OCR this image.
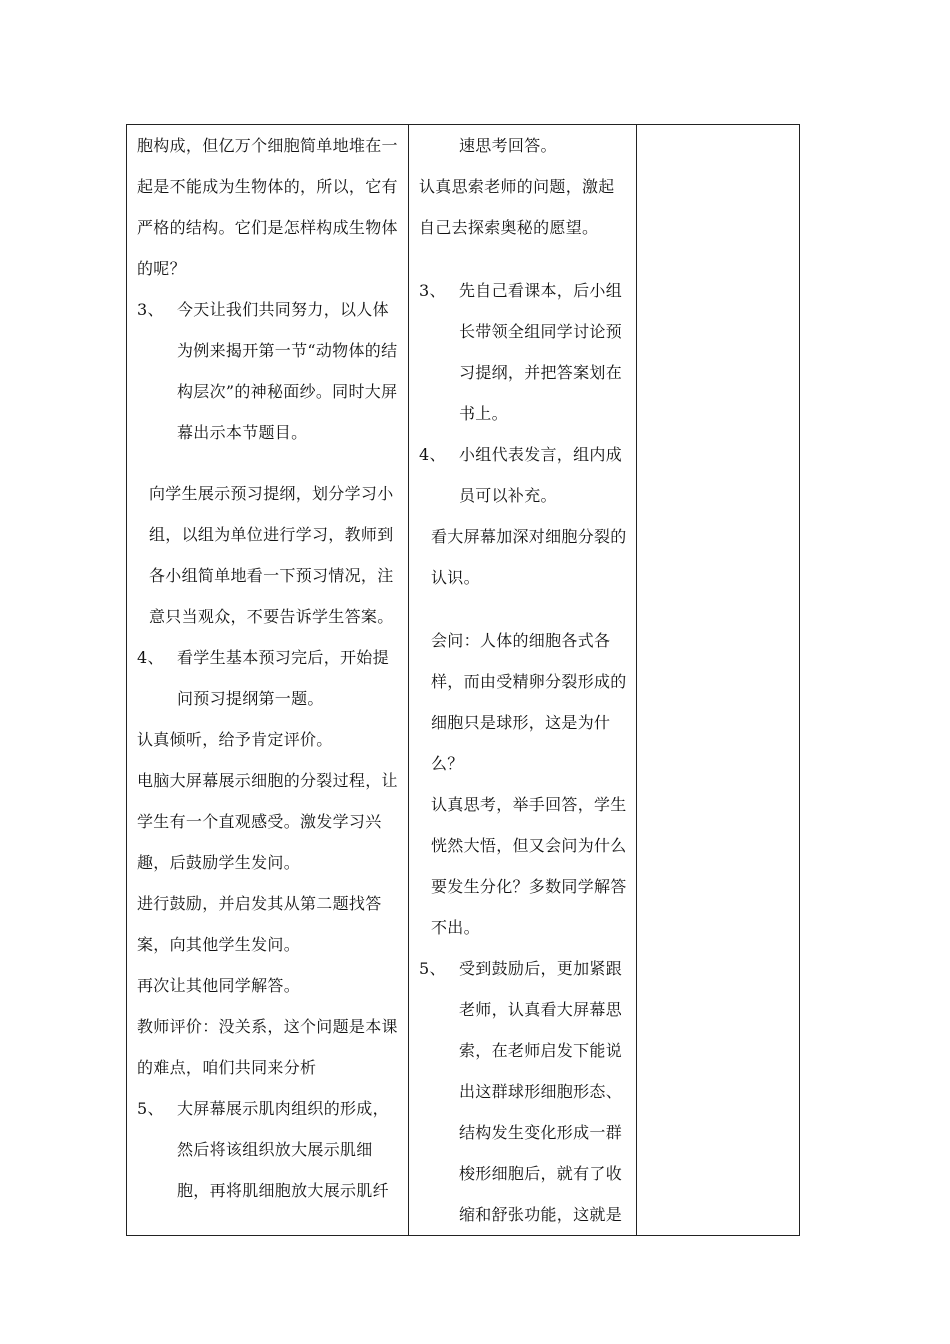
胞构成，但亿万个细胞简单地堆在一起是不能成为生物体的，所以，它有严格的结构。它们是怎样构成生物体的呢？

3、 今天让我们共同努力，以人体为例来揭开第一节“动物体的结构层次”的神秘面纱。同时大屏幕出示本节题目。

向学生展示预习提纲，划分学习小组，以组为单位进行学习，教师到各小组简单地看一下预习情况，注意只当观众，不要告诉学生答案。

4、 看学生基本预习完后，开始提问预习提纲第一题。

认真倾听，给予肯定评价。

电脑大屏幕展示细胞的分裂过程，让学生有一个直观感受。激发学习兴趣，后鼓励学生发问。

进行鼓励，并启发其从第二题找答案，向其他学生发问。

再次让其他同学解答。

教师评价：没关系，这个问题是本课的难点，咱们共同来分析

5、 大屏幕展示肌肉组织的形成，然后将该组织放大展示肌细胞，再将肌细胞放大展示肌纤

速思考回答。

认真思索老师的问题，激起自己去探索奥秘的愿望。

3、 先自己看课本，后小组长带领全组同学讨论预习提纲，并把答案划在书上。

4、 小组代表发言，组内成员可以补充。

看大屏幕加深对细胞分裂的认识。

会问：人体的细胞各式各样，而由受精卵分裂形成的细胞只是球形，这是为什么？

认真思考，举手回答，学生恍然大悟，但又会问为什么要发生分化？多数同学解答不出。

5、 受到鼓励后，更加紧跟老师，认真看大屏幕思索，在老师启发下能说出这群球形细胞形态、结构发生变化形成一群梭形细胞后，就有了收缩和舒张功能，这就是
